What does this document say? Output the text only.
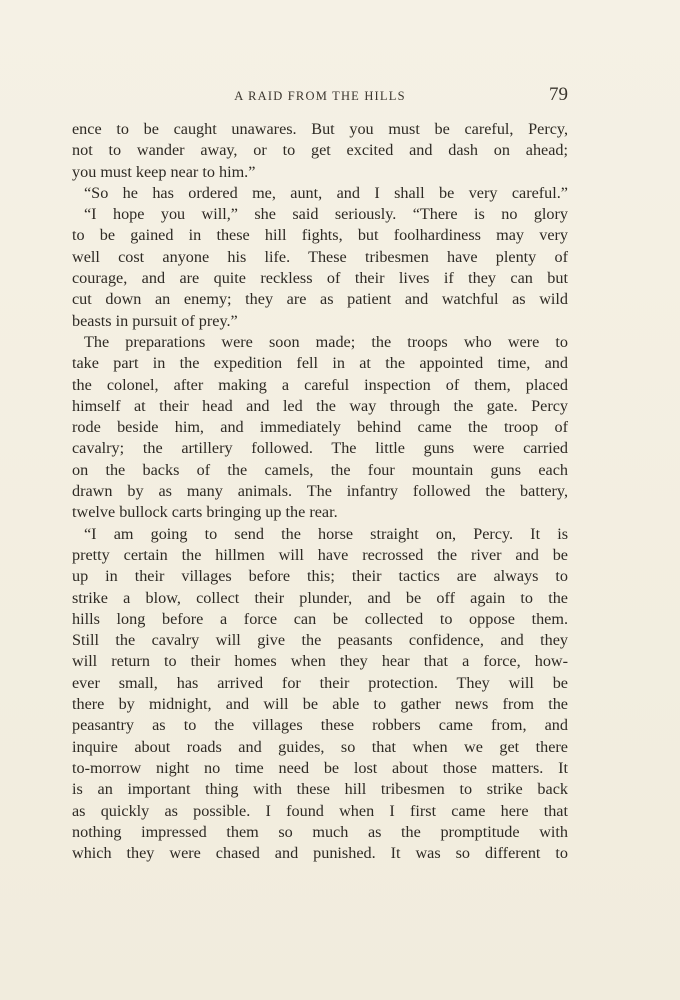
A RAID FROM THE HILLS	79
ence to be caught unawares. But you must be careful, Percy,
not to wander away, or to get excited and dash on ahead;
you must keep near to him.”
“So he has ordered me, aunt, and I shall be very careful.”
“I hope you will,” she said seriously. “There is no glory
to be gained in these hill fights, but foolhardiness may very
well cost anyone his life. These tribesmen have plenty of
courage, and are quite reckless of their lives if they can but
cut down an enemy; they are as patient and watchful as wild
beasts in pursuit of prey.”
The preparations were soon made; the troops who were to
take part in the expedition fell in at the appointed time, and
the colonel, after making a careful inspection of them, placed
himself at their head and led the way through the gate. Percy
rode beside him, and immediately behind came the troop of
cavalry; the artillery followed. The little guns were carried
on the backs of the camels, the four mountain guns each
drawn by as many animals. The infantry followed the battery,
twelve bullock carts bringing up the rear.
“I am going to send the horse straight on, Percy. It is
pretty certain the hillmen will have recrossed the river and be
up in their villages before this; their tactics are always to
strike a blow, collect their plunder, and be off again to the
hills long before a force can be collected to oppose them.
Still the cavalry will give the peasants confidence, and they
will return to their homes when they hear that a force, how-
ever small, has arrived for their protection. They will be
there by midnight, and will be able to gather news from the
peasantry as to the villages these robbers came from, and
inquire about roads and guides, so that when we get there
to-morrow night no time need be lost about those matters. It
is an important thing with these hill tribesmen to strike back
as quickly as possible. I found when I first came here that
nothing impressed them so much as the promptitude with
which they were chased and punished. It was so different to
